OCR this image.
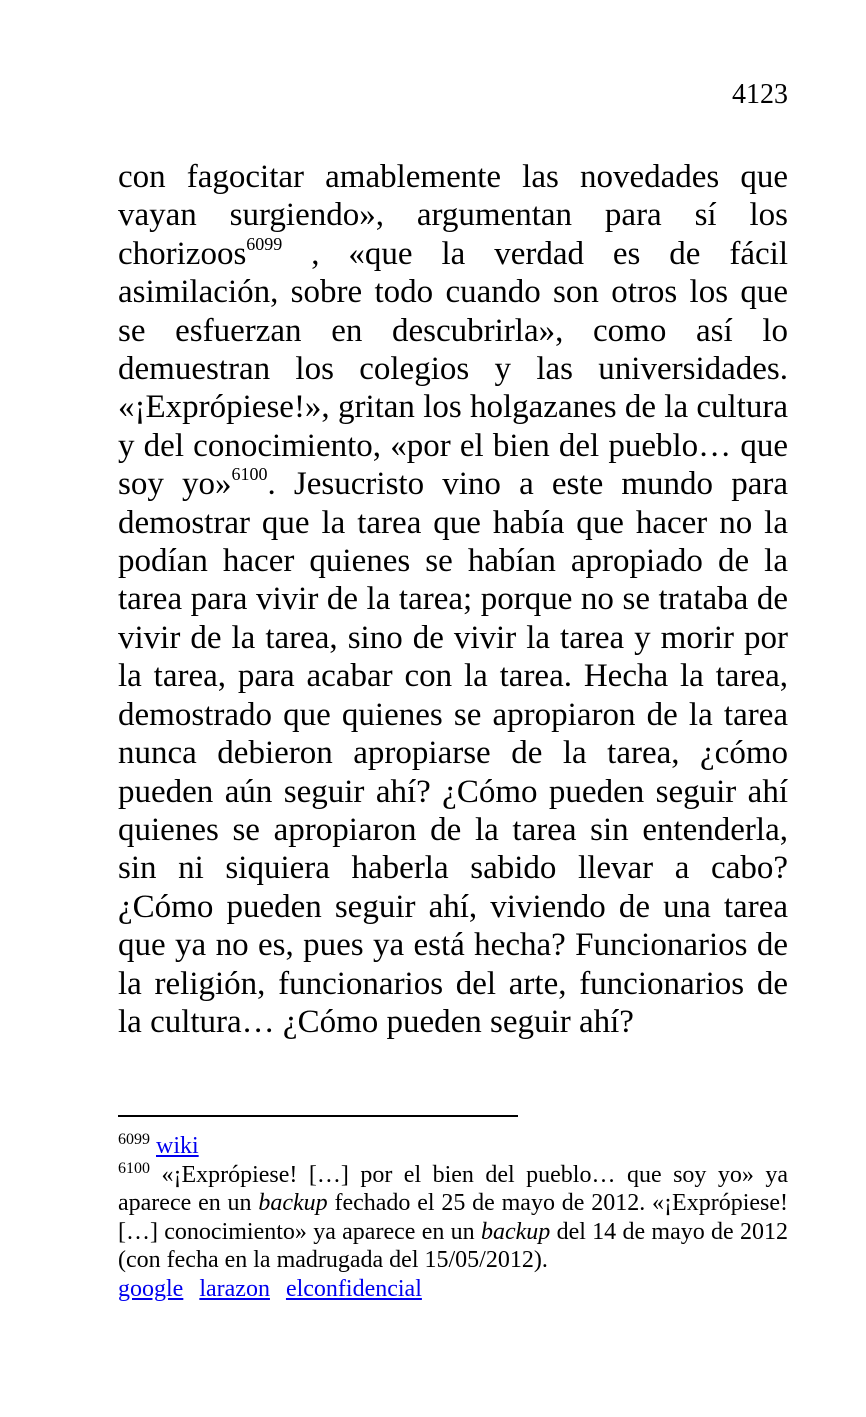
4123

con fagocitar amablemente las novedades que vayan surgiendo», argumentan para sí los chorizoos$^{6099}$ , «que la verdad es de fácil asimilación, sobre todo cuando son otros los que se esfuerzan en descubrirla», como así lo demuestran los colegios y las universidades. «¡Exprópiese!», gritan los holgazanes de la cultura y del conocimiento, «por el bien del pueblo… que soy yo»$^{6100}$. Jesucristo vino a este mundo para demostrar que la tarea que había que hacer no la podían hacer quienes se habían apropiado de la tarea para vivir de la tarea; porque no se trataba de vivir de la tarea, sino de vivir la tarea y morir por la tarea, para acabar con la tarea. Hecha la tarea, demostrado que quienes se apropiaron de la tarea nunca debieron apropiarse de la tarea, ¿cómo pueden aún seguir ahí? ¿Cómo pueden seguir ahí quienes se apropiaron de la tarea sin entenderla, sin ni siquiera haberla sabido llevar a cabo? ¿Cómo pueden seguir ahí, viviendo de una tarea que ya no es, pues ya está hecha? Funcionarios de la religión, funcionarios del arte, funcionarios de la cultura… ¿Cómo pueden seguir ahí?

$^{6099}$ wiki

$^{6100}$ «¡Exprópiese! […] por el bien del pueblo… que soy yo» ya aparece en un backup fechado el 25 de mayo de 2012. «¡Exprópiese! […] conocimiento» ya aparece en un backup del 14 de mayo de 2012 (con fecha en la madrugada del 15/05/2012).

google larazon elconfidencial
